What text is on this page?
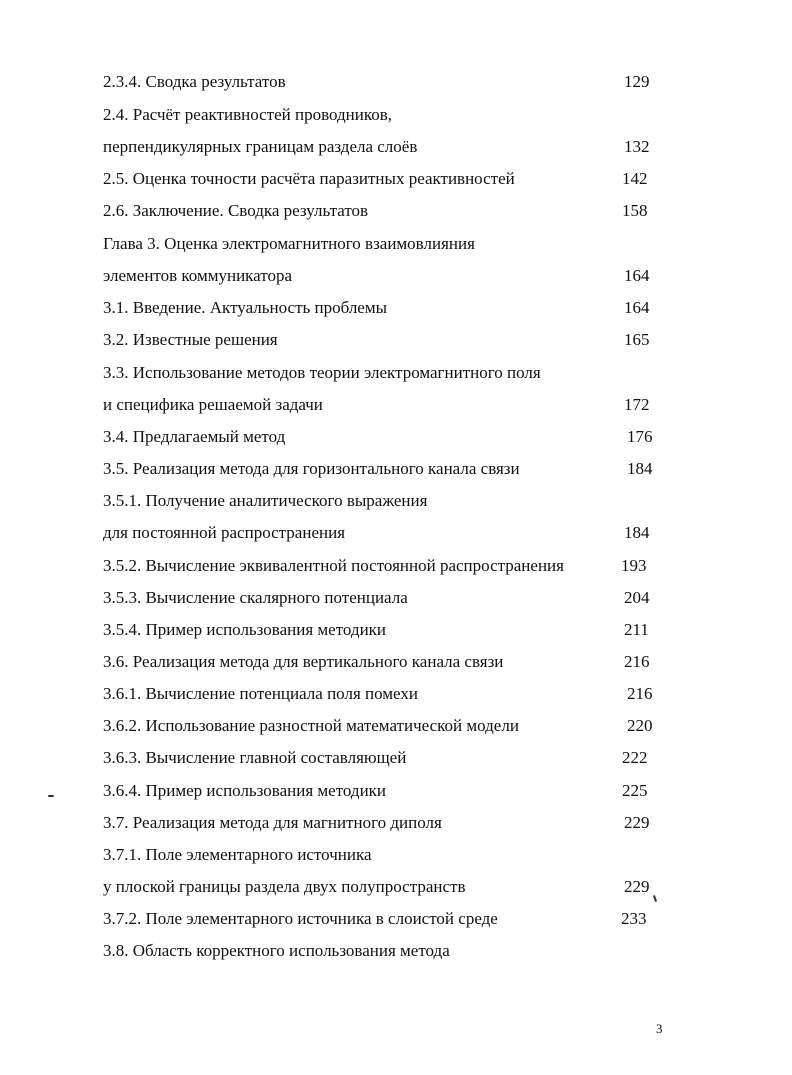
2.3.4. Сводка результатов	129
2.4. Расчёт реактивностей проводников,
перпендикулярных границам раздела слоёв	132
2.5. Оценка точности расчёта паразитных реактивностей	142
2.6. Заключение. Сводка результатов	158
Глава 3. Оценка электромагнитного взаимовлияния
элементов коммуникатора	164
3.1. Введение. Актуальность проблемы	164
3.2. Известные решения	165
3.3. Использование методов теории электромагнитного поля
и специфика решаемой задачи	172
3.4. Предлагаемый метод	176
3.5. Реализация метода для горизонтального канала связи	184
3.5.1. Получение аналитического выражения
для постоянной распространения	184
3.5.2. Вычисление эквивалентной постоянной распространения	193
3.5.3. Вычисление скалярного потенциала	204
3.5.4. Пример использования методики	211
3.6. Реализация метода для вертикального канала связи	216
3.6.1. Вычисление потенциала поля помехи	216
3.6.2. Использование разностной математической модели	220
3.6.3. Вычисление главной составляющей	222
3.6.4. Пример использования методики	225
3.7. Реализация метода для магнитного диполя	229
3.7.1. Поле элементарного источника
у плоской границы раздела двух полупространств	229
3.7.2. Поле элементарного источника в слоистой среде	233
3.8. Область корректного использования метода
3
